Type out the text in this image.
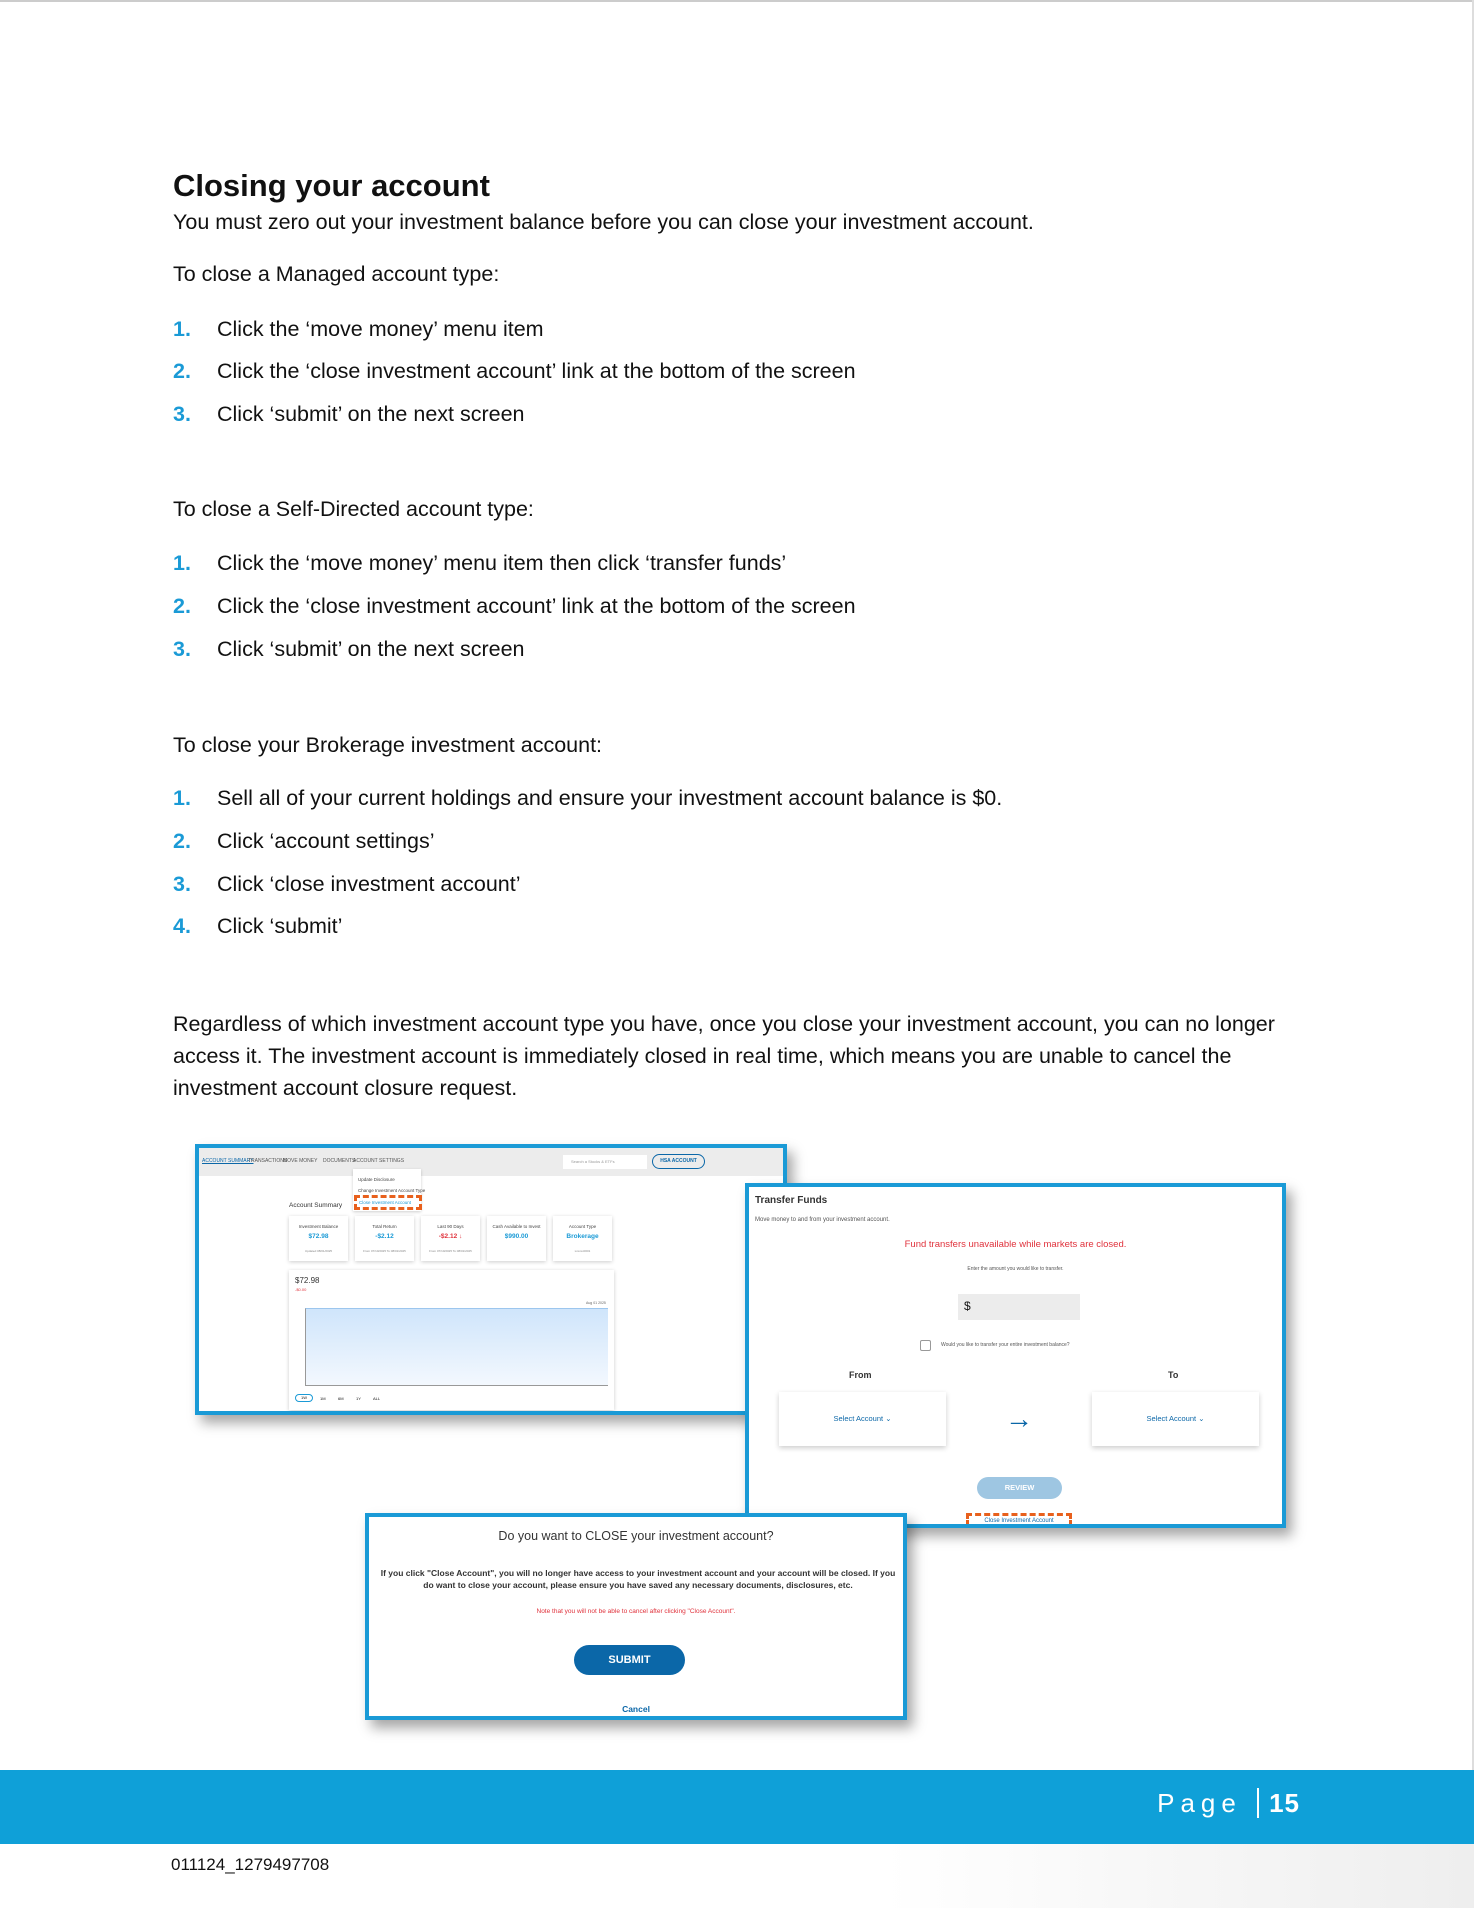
Closing your account
You must zero out your investment balance before you can close your investment account.
To close a Managed account type:
1. Click the ‘move money’ menu item
2. Click the ‘close investment account’ link at the bottom of the screen
3. Click ‘submit’ on the next screen
To close a Self-Directed account type:
1. Click the ‘move money’ menu item then click ‘transfer funds’
2. Click the ‘close investment account’ link at the bottom of the screen
3. Click ‘submit’ on the next screen
To close your Brokerage investment account:
1. Sell all of your current holdings and ensure your investment account balance is $0.
2. Click ‘account settings’
3. Click ‘close investment account’
4. Click ‘submit’
Regardless of which investment account type you have, once you close your investment account, you can no longer access it. The investment account is immediately closed in real time, which means you are unable to cancel the investment account closure request.
ACCOUNT SUMMARY
TRANSACTIONS
MOVE MONEY DOCUMENTS
ACCOUNT SETTINGS	Search a Stocks & ETFs	HSA ACCOUNT
Update Disclosure
Change Investment Account Type
Close Investment Account
Account Summary
Investment Balance
$72.98
Updated 08/01/2025
Total Return
-$2.12
From 07/10/2025 To 08/01/2025
Last 90 Days
-$2.12 ↓
From 07/10/2025 To 08/01/2025
Cash Available to Invest
$990.00
Account Type
Brokerage
xxxxxx0001
$72.98
-$0.00
Aug 01 2025
1W	1M	6M	1Y	ALL
Transfer Funds
Move money to and from your investment account.
Fund transfers unavailable while markets are closed.
Enter the amount you would like to transfer.
$
Would you like to transfer your entire investment balance?
From	To
Select Account ⌄	Select Account ⌄
→
REVIEW
Close Investment Account
Do you want to CLOSE your investment account?
If you click "Close Account", you will no longer have access to your investment account and your account will be closed. If you do want to close your account, please ensure you have saved any necessary documents, disclosures, etc.
Note that you will not be able to cancel after clicking "Close Account".
SUBMIT
Cancel
Page 15
011124_1279497708
